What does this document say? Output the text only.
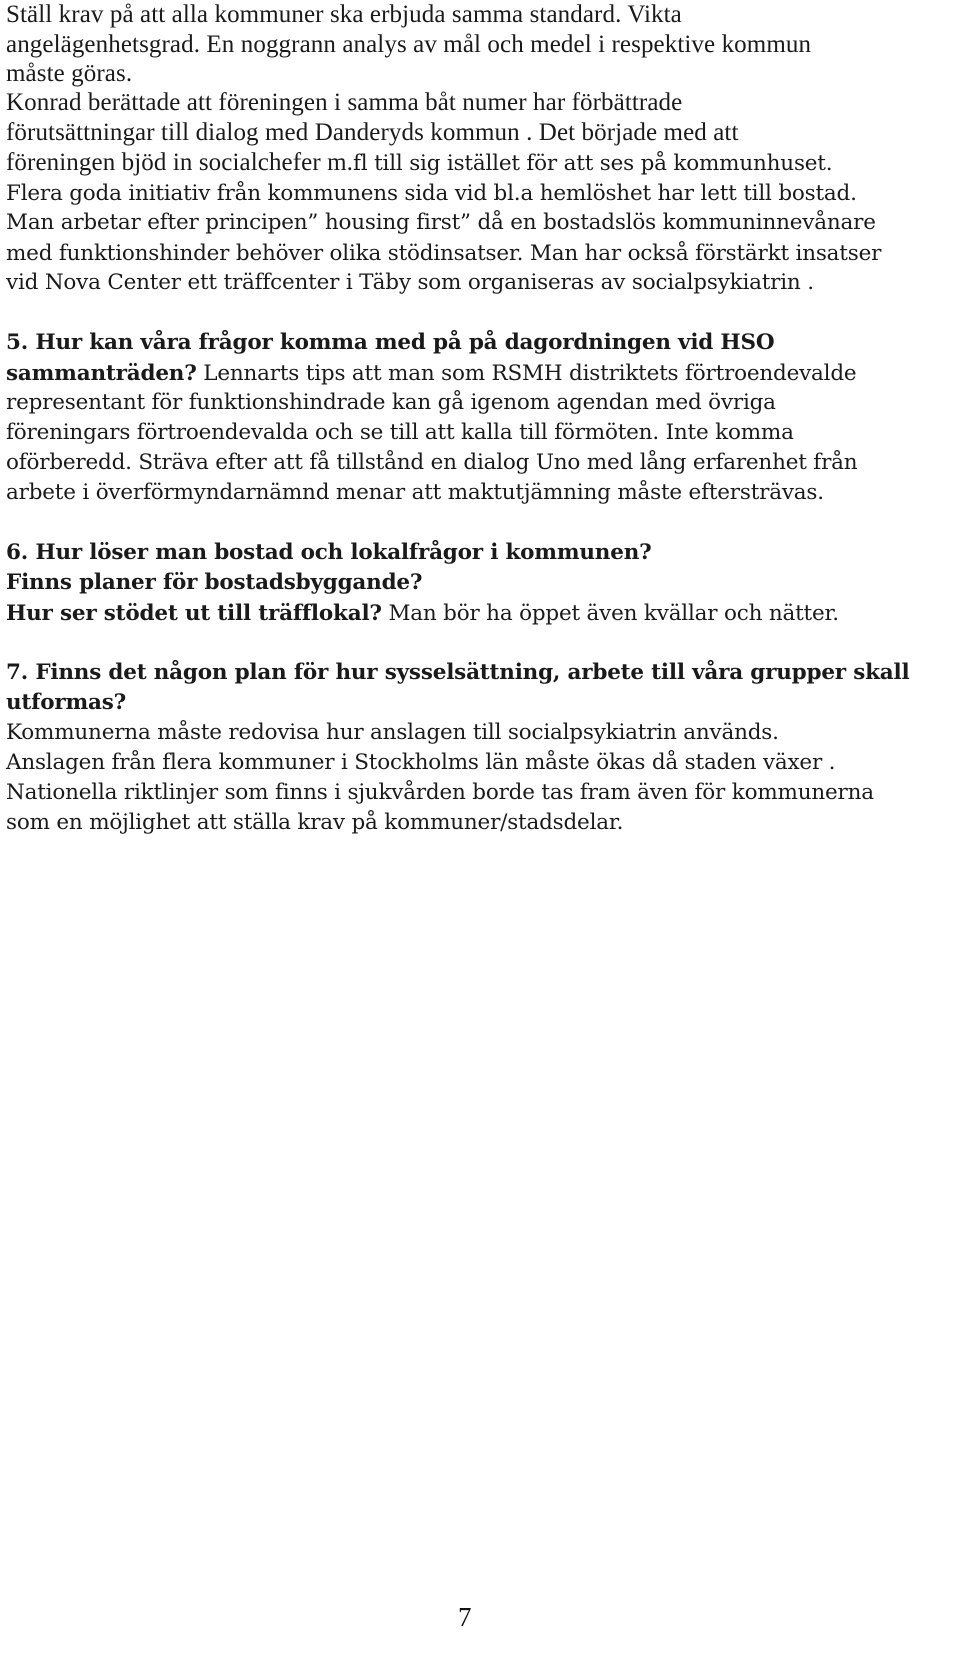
Ställ krav på att alla kommuner ska erbjuda samma standard. Vikta
angelägenhetsgrad. En noggrann analys av mål och medel i respektive kommun
måste göras.
Konrad berättade att föreningen i samma båt numer har förbättrade
förutsättningar till dialog med Danderyds kommun . Det började med att
föreningen bjöd in socialchefer m.fl till sig istället för att ses på kommunhuset.
Flera goda initiativ från kommunens sida vid bl.a hemlöshet har lett till bostad.
Man arbetar efter principen” housing first” då en bostadslös kommuninnevånare
med funktionshinder behöver olika stödinsatser. Man har också förstärkt insatser
vid Nova Center ett träffcenter i Täby som organiseras av socialpsykiatrin .
5. Hur kan våra frågor komma med på på dagordningen vid HSO
sammanträden? Lennarts tips att man som RSMH distriktets förtroendevalde
representant för funktionshindrade kan gå igenom agendan med övriga
föreningars förtroendevalda och se till att kalla till förmöten. Inte komma
oförberedd. Sträva efter att få tillstånd en dialog Uno med lång erfarenhet från
arbete i överförmyndarnämnd menar att maktutjämning måste eftersträvas.
6. Hur löser man bostad och lokalfrågor i kommunen?
Finns planer för bostadsbyggande?
Hur ser stödet ut till träfflokal? Man bör ha öppet även kvällar och nätter.
7. Finns det någon plan för hur sysselsättning, arbete till våra grupper skall
utformas?
Kommunerna måste redovisa hur anslagen till socialpsykiatrin används.
Anslagen från flera kommuner i Stockholms län måste ökas då staden växer .
Nationella riktlinjer som finns i sjukvården borde tas fram även för kommunerna
som en möjlighet att ställa krav på kommuner/stadsdelar.
7
